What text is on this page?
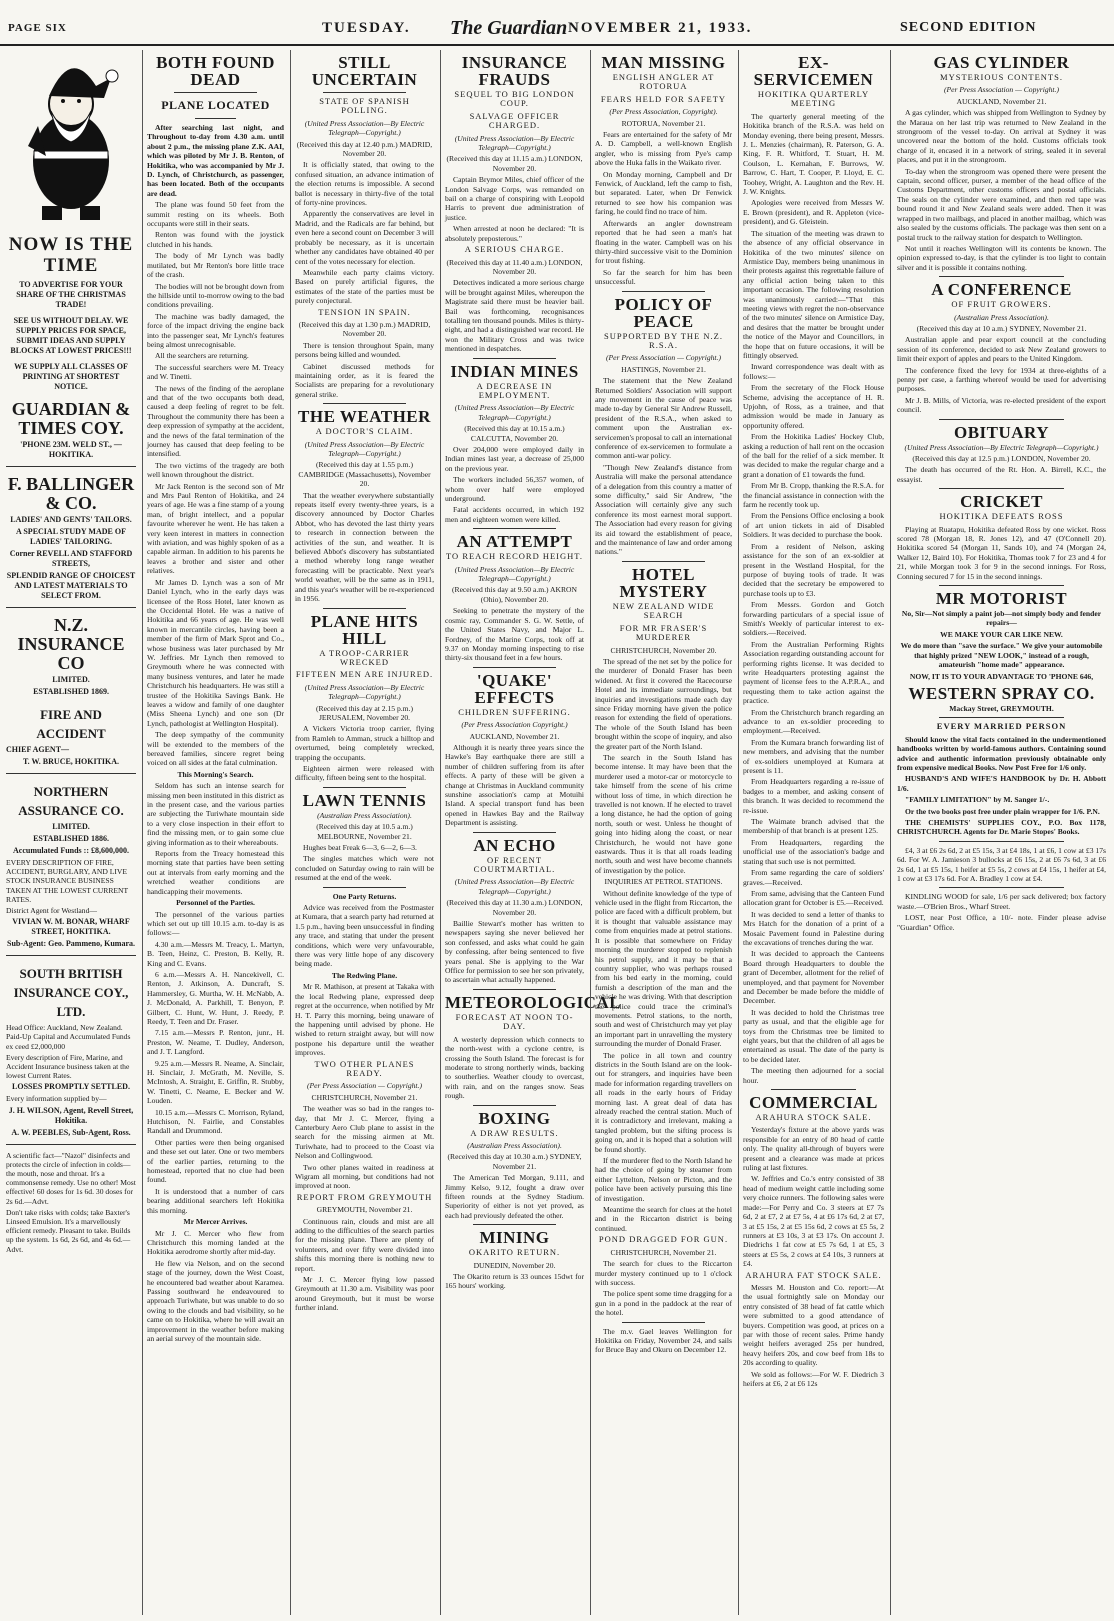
PAGE SIX	TUESDAY. The Guardian NOVEMBER 21, 1933.	SECOND EDITION
NOW IS THE TIME
TO ADVERTISE FOR YOUR SHARE OF THE CHRISTMAS TRADE!
SEE US WITHOUT DELAY. WE SUPPLY PRICES FOR SPACE, SUBMIT IDEAS AND SUPPLY BLOCKS AT LOWEST PRICES!!!
WE SUPPLY ALL CLASSES OF PRINTING AT SHORTEST NOTICE.
GUARDIAN & TIMES COY.
'PHONE 23M. WELD ST., — HOKITIKA.
F. BALLINGER & CO.
LADIES' AND GENTS' TAILORS.
A SPECIAL STUDY MADE OF LADIES' TAILORING.
Corner REVELL AND STAFFORD STREETS,
SPLENDID RANGE OF CHOICEST AND LATEST MATERIALS TO SELECT FROM.
N.Z. INSURANCE CO
LIMITED.
ESTABLISHED 1869.
FIRE AND ACCIDENT
CHIEF AGENT—
T. W. BRUCE, HOKITIKA.
NORTHERN ASSURANCE CO.
LIMITED.
ESTABLISHED 1886.
Accumulated Funds :: £8,600,000.
EVERY DESCRIPTION OF FIRE, ACCIDENT, BURGLARY, AND LIVE STOCK INSURANCE BUSINESS TAKEN AT THE LOWEST CURRENT RATES.
District Agent for Westland—
VIVIAN W. M. BONAR, WHARF STREET, HOKITIKA.
Sub-Agent: Geo. Pammeno, Kumara.
SOUTH BRITISH INSURANCE COY., LTD.
Head Office: Auckland, New Zealand. Paid-Up Capital and Accumulated Funds ex ceed £2,000,000
Every description of Fire, Marine, and Accident Insurance business taken at the lowest Current Rates.
LOSSES PROMPTLY SETTLED.
Every information supplied by—
J. H. WILSON, Agent, Revell Street, Hokitika.
A. W. PEEBLES, Sub-Agent, Ross.
A scientific fact—"Nazol" disinfects and protects the circle of infection in colds—the mouth, nose and throat. It's a commonsense remedy. Use no other! Most effective! 60 doses for 1s 6d. 30 doses for 2s 6d.—Advt.
Don't take risks with colds; take Baxter's Linseed Emulsion. It's a marvellously efficient remedy. Pleasant to take. Builds up the system. 1s 6d, 2s 6d, and 4s 6d.—Advt.
BOTH FOUND DEAD
PLANE LOCATED

After searching last night, and Throughout to-day from 4.30 a.m. until about 2 p.m., the missing plane Z.K. AAI, which was piloted by Mr J. B. Renton, of Hokitika, who was accompanied by Mr J. D. Lynch, of Christchurch, as passenger, has been located. Both of the occupants are dead.

The plane was found 50 feet from the summit resting on its wheels. Both occupants were still in their seats.

Renton was found with the joystick clutched in his hands.

The body of Mr Lynch was badly mutilated, but Mr Renton's bore little trace of the crash.

The bodies will not be brought down from the hillside until to-morrow owing to the bad conditions prevailing.

The machine was badly damaged, the force of the impact driving the engine back into the passenger seat, Mr Lynch's features being almost unrecognisable.

All the searchers are returning.

The successful searchers were M. Treacy and W. Tinetti.

The news of the finding of the aeroplane and that of the two occupants both dead, caused a deep feeling of regret to be felt. Throughout the community there has been a deep expression of sympathy at the accident, and the news of the fatal termination of the journey has caused that deep feeling to be intensified.

The two victims of the tragedy are both well known throughout the district.

Mr Jack Renton is the second son of Mr and Mrs Paul Renton of Hokitika, and 24 years of age. He was a fine stamp of a young man, of bright intellect, and a popular favourite wherever he went. He has taken a very keen interest in matters in connection with aviation, and was highly spoken of as a capable airman. In addition to his parents he leaves a brother and sister and other relatives.

Mr James D. Lynch was a son of Mr Daniel Lynch, who in the early days was licensee of the Ross Hotel, later known as the Occidental Hotel. He was a native of Hokitika and 66 years of age. He was well known in mercantile circles, having been a member of the firm of Mark Sprot and Co., whose business was later purchased by Mr W. Jeffries. Mr Lynch then removed to Greymouth where he was connected with many business ventures, and later he made Christchurch his headquarters. He was still a trustee of the Hokitika Savings Bank. He leaves a widow and family of one daughter (Miss Sheena Lynch) and one son (Dr Lynch, pathologist at Wellington Hospital).

The deep sympathy of the community will be extended to the members of the bereaved families, sincere regret being voiced on all sides at the fatal culmination.

This Morning's Search.

Seldom has such an intense search for missing men been instituted in this district as in the present case, and the various parties are subjecting the Turiwhate mountain side to a very close inspection in their effort to find the missing men, or to gain some clue giving information as to their whereabouts.

Reports from the Treacy homestead this morning state that parties have been setting out at intervals from early morning and the wretched weather conditions are handicapping their movements.

Personnel of the Parties.

The personnel of the various parties which set out up till 10.15 a.m. to-day is as follows:—

4.30 a.m.—Messrs M. Treacy, L. Martyn, B. Teen, Heinz, C. Preston, B. Kelly, R. King and C. Evans.

6 a.m.—Messrs A. H. Nancekivell, C. Renton, J. Atkinson, A. Duncraft, S. Hammersley, G. Murtha, W. H. McNabb, A. J. McDonald, A. Parkhill, T. Benyon, P. Gilbert, C. Hunt, W. Hunt, J. Reedy, P. Reedy, T. Teen and Dr. Fraser.

7.15 a.m.—Messrs P. Renton, junr., H. Preston, W. Neame, T. Dudley, Anderson, and J. T. Langford.

9.25 a.m.—Messrs R. Neame, A. Sinclair, H. Sinclair, J. McGrath, M. Neville, S. McIntosh, A. Straight, E. Griffin, R. Stubby, W. Tinetti, C. Neame, E. Becker and W. Louden.

10.15 a.m.—Messrs C. Morrison, Ryland, Hutchison, N. Fairlie, and Constables Randall and Drummond.

Other parties were then being organised and these set out later. One or two members of the earlier parties, returning to the homestead, reported that no clue had been found.

It is understood that a number of cars bearing additional searchers left Hokitika this morning.

Mr Mercer Arrives.

Mr J. C. Mercer who flew from Christchurch this morning landed at the Hokitika aerodrome shortly after mid-day.

He flew via Nelson, and on the second stage of the journey, down the West Coast, he encountered bad weather about Karamea. Passing southward he endeavoured to approach Turiwhate, but was unable to do so owing to the clouds and bad visibility, so he came on to Hokitika, where he will await an improvement in the weather before making an aerial survey of the mountain side.

STILL UNCERTAIN
STATE OF SPANISH POLLING.
(United Press Association—By Electric Telegraph—Copyright.)

(Received this day at 12.40 p.m.) MADRID, November 20.

It is officially stated, that owing to the confused situation, an advance intimation of the election returns is impossible. A second ballot is necessary in thirty-five of the total of forty-nine provinces.

Apparently the conservatives are level in Madrid, and the Radicals are far behind, but even here a second count on December 3 will probably be necessary, as it is uncertain whether any candidates have obtained 40 per cent of the votes necessary for election.

Meanwhile each party claims victory. Based on purely artificial figures, the estimates of the state of the parties must be purely conjectural.

TENSION IN SPAIN.

(Received this day at 1.30 p.m.) MADRID, November 20.

There is tension throughout Spain, many persons being killed and wounded.

Cabinet discussed methods for maintaining order, as it is feared the Socialists are preparing for a revolutionary general strike.

THE WEATHER
A DOCTOR'S CLAIM.
(United Press Association—By Electric Telegraph—Copyright.)

(Received this day at 1.55 p.m.) CAMBRIDGE (Massachusetts), November 20.

That the weather everywhere substantially repeats itself every twenty-three years, is a discovery announced by Doctor Charles Abbot, who has devoted the last thirty years to research in connection between the activities of the sun, and weather. It is believed Abbot's discovery has substantiated a method whereby long range weather forecasting will be practicable. Next year's world weather, will be the same as in 1911, and this year's weather will be re-experienced in 1956.

PLANE HITS HILL
A TROOP-CARRIER WRECKED
FIFTEEN MEN ARE INJURED.
(United Press Association—By Electric Telegraph—Copyright.)

(Received this day at 2.15 p.m.) JERUSALEM, November 20.

A Vickers Victoria troop carrier, flying from Ramleh to Amman, struck a hilltop and overturned, being completely wrecked, trapping the occupants.

Eighteen airmen were released with difficulty, fifteen being sent to the hospital.

LAWN TENNIS
(Australian Press Association).

(Received this day at 10.5 a.m.) MELBOURNE, November 21.

Hughes beat Freak 6—3, 6—2, 6—3.

The singles matches which were not concluded on Saturday owing to rain will be resumed at the end of the week.

One Party Returns.

Advice was received from the Postmaster at Kumara, that a search party had returned at 1.5 p.m., having been unsuccessful in finding any trace, and stating that under the present conditions, which were very unfavourable, there was very little hope of any discovery being made.

The Redwing Plane.

Mr R. Mathison, at present at Takaka with the local Redwing plane, expressed deep regret at the occurrence, when notified by Mr H. T. Parry this morning, being unaware of the happening until advised by phone. He wished to return straight away, but will now postpone his departure until the weather improves.

TWO OTHER PLANES READY.
(Per Press Association — Copyright.)

CHRISTCHURCH, November 21.

The weather was so bad in the ranges to-day, that Mr J. C. Mercer, flying a Canterbury Aero Club plane to assist in the search for the missing airmen at Mt. Turiwhate, had to proceed to the Coast via Nelson and Collingwood.

Two other planes waited in readiness at Wigram all morning, but conditions had not improved at noon.

REPORT FROM GREYMOUTH

GREYMOUTH, November 21.

Continuous rain, clouds and mist are all adding to the difficulties of the search parties for the missing plane. There are plenty of volunteers, and over fifty were divided into shifts this morning there is nothing new to report.

Mr J. C. Mercer flying low passed Greymouth at 11.30 a.m. Visibility was poor around Greymouth, but it must be worse further inland.

INSURANCE FRAUDS
SEQUEL TO BIG LONDON COUP.
SALVAGE OFFICER CHARGED.
(United Press Association—By Electric Telegraph—Copyright.)

(Received this day at 11.15 a.m.) LONDON, November 20.

Captain Brymor Miles, chief officer of the London Salvage Corps, was remanded on bail on a charge of conspiring with Leopold Harris to prevent due administration of justice.

When arrested at noon he declared: "It is absolutely preposterous."

A SERIOUS CHARGE.

(Received this day at 11.40 a.m.) LONDON, November 20.

Detectives indicated a more serious charge will be brought against Miles, whereupon the Magistrate said there must be heavier bail. Bail was forthcoming, recognisances totalling ten thousand pounds. Miles is thirty-eight, and had a distinguished war record. He won the Military Cross and was twice mentioned in despatches.

INDIAN MINES
A DECREASE IN EMPLOYMENT.
(United Press Association—By Electric Telegraph—Copyright.)

(Received this day at 10.15 a.m.) CALCUTTA, November 20.

Over 204,000 were employed daily in Indian mines last year, a decrease of 25,000 on the previous year.

The workers included 56,357 women, of whom over half were employed underground.

Fatal accidents occurred, in which 192 men and eighteen women were killed.

AN ATTEMPT
TO REACH RECORD HEIGHT.
(United Press Association—By Electric Telegraph—Copyright.)

(Received this day at 9.50 a.m.) AKRON (Ohio), November 20.

Seeking to penetrate the mystery of the cosmic ray, Commander S. G. W. Settle, of the United States Navy, and Major L. Fordney, of the Marine Corps, took off at 9.37 on Monday morning inspecting to rise thirty-six thousand feet in a few hours.

'QUAKE' EFFECTS
CHILDREN SUFFERING.
(Per Press Association Copyright.)

AUCKLAND, November 21.

Although it is nearly three years since the Hawke's Bay earthquake there are still a number of children suffering from its after effects. A party of these will be given a change at Christmas in Auckland community sunshine association's camp at Motuihi Island. A special transport fund has been opened in Hawkes Bay and the Railway Department is assisting.

AN ECHO
OF RECENT COURTMARTIAL.
(United Press Association—By Electric Telegraph—Copyright.)

(Received this day at 11.30 a.m.) LONDON, November 20.

Baillie Stewart's mother has written to newspapers saying she never believed her son confessed, and asks what could he gain by confessing, after being sentenced to five years penal. She is applying to the War Office for permission to see her son privately, to ascertain what actually happened.

METEOROLOGICAL
FORECAST AT NOON TO-DAY.

A westerly depression which connects to the north-west with a cyclone centre, is crossing the South Island. The forecast is for moderate to strong northerly winds, backing to southerlies. Weather cloudy to overcast, with rain, and on the ranges snow. Seas rough.

BOXING
A DRAW RESULTS.
(Australian Press Association).

(Received this day at 10.30 a.m.) SYDNEY, November 21.

The American Ted Morgan, 9.111, and Jimmy Kelso, 9.12, fought a draw over fifteen rounds at the Sydney Stadium. Superiority of either is not yet proved, as each had previously defeated the other.

MINING
OKARITO RETURN.

DUNEDIN, November 20.

The Okarito return is 33 ounces 15dwt for 165 hours' working.

MAN MISSING
ENGLISH ANGLER AT ROTORUA
FEARS HELD FOR SAFETY
(Per Press Association, Copyright).

ROTORUA, November 21.

Fears are entertained for the safety of Mr A. D. Campbell, a well-known English angler, who is missing from Pye's camp above the Huka falls in the Waikato river.

On Monday morning, Campbell and Dr Fenwick, of Auckland, left the camp to fish, but separated. Later, when Dr Fenwick returned to see how his companion was faring, he could find no trace of him.

Afterwards an angler downstream reported that he had seen a man's hat floating in the water. Campbell was on his thirty-third successive visit to the Dominion for trout fishing.

So far the search for him has been unsuccessful.

POLICY OF PEACE
SUPPORTED BY THE N.Z. R.S.A.
(Per Press Association — Copyright.)

HASTINGS, November 21.

The statement that the New Zealand Returned Soldiers' Association will support any movement in the cause of peace was made to-day by General Sir Andrew Russell, president of the R.S.A., when asked to comment upon the Australian ex-servicemen's proposal to call an international conference of ex-servicemen to formulate a common anti-war policy.

"Though New Zealand's distance from Australia will make the personal attendance of a delegation from this country a matter of some difficulty," said Sir Andrew, "the Association will certainly give any such conference its most earnest moral support. The Association had every reason for giving its aid toward the establishment of peace, and the maintenance of law and order among nations."

HOTEL MYSTERY
NEW ZEALAND WIDE SEARCH
FOR MR FRASER'S MURDERER

CHRISTCHURCH, November 20.

The spread of the net set by the police for the murderer of Donald Fraser has been widened. At first it covered the Racecourse Hotel and its immediate surroundings, but inquiries and investigations made each day since Friday morning have given the police reason for extending the field of operations. The whole of the South Island has been brought within the scope of inquiry, and also the greater part of the North Island.

The search in the South Island has become intense. It may have been that the murderer used a motor-car or motorcycle to take himself from the scene of his crime without loss of time, in which direction he travelled is not known. If he elected to travel a long distance, he had the option of going north, south or west. Unless he thought of going into hiding along the coast, or near Christchurch, he would not have gone eastwards. Thus it is that all roads leading north, south and west have become channels of investigation by the police.

INQUIRIES AT PETROL STATIONS.

Without definite knowledge of the type of vehicle used in the flight from Riccarton, the police are faced with a difficult problem, but it is thought that valuable assistance may come from enquiries made at petrol stations. It is possible that somewhere on Friday morning the murderer stopped to replenish his petrol supply, and it may be that a country supplier, who was perhaps roused from his bed early in the morning, could furnish a description of the man and the vehicle he was driving. With that description the police could trace the criminal's movements. Petrol stations, to the north, south and west of Christchurch may yet play an important part in unravelling the mystery surrounding the murder of Donald Fraser.

The police in all town and country districts in the South Island are on the look-out for strangers, and inquiries have been made for information regarding travellers on all roads in the early hours of Friday morning last. A great deal of data has already reached the central station. Much of it is contradictory and irrelevant, making a tangled problem, but the sifting process is going on, and it is hoped that a solution will be found shortly.

If the murderer fled to the North Island he had the choice of going by steamer from either Lyttelton, Nelson or Picton, and the police have been actively pursuing this line of investigation.

Meantime the search for clues at the hotel and in the Riccarton district is being continued.

POND DRAGGED FOR GUN.

CHRISTCHURCH, November 21.

The search for clues to the Riccarton murder mystery continued up to 1 o'clock with success.

The police spent some time dragging for a gun in a pond in the paddock at the rear of the hotel.

The m.v. Gael leaves Wellington for Hokitika on Friday, November 24, and sails for Bruce Bay and Okuru on December 12.

EX-SERVICEMEN
HOKITIKA QUARTERLY MEETING

The quarterly general meeting of the Hokitika branch of the R.S.A. was held on Monday evening, there being present, Messrs. J. L. Menzies (chairman), R. Paterson, G. A. King, F. R. Whitford, T. Stuart, H. M. Coulson, L. Kernahan, F. Burrows, W. Barrow, C. Hart, T. Cooper, P. Lloyd, E. C. Toohey, Wright, A. Laughton and the Rev. H. J. W. Knights.

Apologies were received from Messrs W. E. Brown (president), and R. Appleton (vice-president), and G. Gleistein.

The situation of the meeting was drawn to the absence of any official observance in Hokitika of the two minutes' silence on Armistice Day, members being unanimous in their protests against this regrettable failure of any official action being taken to this important occasion. The following resolution was unanimously carried:—"That this meeting views with regret the non-observance of the two minutes' silence on Armistice Day, and desires that the matter be brought under the notice of the Mayor and Councillors, in the hope that on future occasions, it will be fittingly observed.

Inward correspondence was dealt with as follows:—

From the secretary of the Flock House Scheme, advising the acceptance of H. R. Upjohn, of Ross, as a trainee, and that admission would be made in January as opportunity offered.

From the Hokitika Ladies' Hockey Club, asking a reduction of hall rent on the occasion of the ball for the relief of a sick member. It was decided to make the regular charge and a grant a donation of £1 towards the fund.

From Mr B. Cropp, thanking the R.S.A. for the financial assistance in connection with the farm he recently took up.

From the Pensions Office enclosing a book of art union tickets in aid of Disabled Soldiers. It was decided to purchase the book.

From a resident of Nelson, asking assistance for the son of an ex-soldier at present in the Westland Hospital, for the purpose of buying tools of trade. It was decided that the secretary be empowered to purchase tools up to £3.

From Messrs. Gordon and Gotch forwarding particulars of a special issue of Smith's Weekly of particular interest to ex-soldiers.—Received.

From the Australian Performing Rights Association regarding outstanding account for performing rights license. It was decided to write Headquarters protesting against the payment of license fees to the A.P.R.A., and requesting them to take action against the practice.

From the Christchurch branch regarding an advance to an ex-soldier proceeding to employment.—Received.

From the Kumara branch forwarding list of new members, and advising that the number of ex-soldiers unemployed at Kumara at present is 11.

From Headquarters regarding a re-issue of badges to a member, and asking consent of this branch. It was decided to recommend the re-issue.

The Waimate branch advised that the membership of that branch is at present 125.

From Headquarters, regarding the unofficial use of the association's badge and stating that such use is not permitted.

From same regarding the care of soldiers' graves.—Received.

From same, advising that the Canteen Fund allocation grant for October is £5.—Received.

It was decided to send a letter of thanks to Mrs Hatch for the donation of a print of a Mosaic Pavement found in Palestine during the excavations of trenches during the war.

It was decided to approach the Canteens Board through Headquarters to double the grant of December, allotment for the relief of unemployed, and that payment for November and December be made before the middle of December.

It was decided to hold the Christmas tree party as usual, and that the eligible age for toys from the Christmas tree be limited to eight years, but that the children of all ages be entertained as usual. The date of the party is to be decided later.

The meeting then adjourned for a social hour.

COMMERCIAL
ARAHURA STOCK SALE.

Yesterday's fixture at the above yards was responsible for an entry of 80 head of cattle only. The quality all-through of buyers were present and a clearance was made at prices ruling at last fixtures.

W. Jeffries and Co.'s entry consisted of 38 head of medium weight cattle including some very choice runners. The following sales were made:—For Perry and Co. 3 steers at £7 7s 6d, 2 at £7, 2 at £7 5s, 4 at £6 17s 6d, 2 at £7, 3 at £5 15s, 2 at £5 15s 6d, 2 cows at £5 5s, 2 runners at £3 10s, 3 at £3 17s. On account J. Diedrichs 1 fat cow at £5 7s 6d, 1 at £5, 3 steers at £5 5s, 2 cows at £4 10s, 3 runners at £4.

ARAHURA FAT STOCK SALE.

Messrs M. Houston and Co. report:—At the usual fortnightly sale on Monday our entry consisted of 38 head of fat cattle which were submitted to a good attendance of buyers. Competition was good, at prices on a par with those of recent sales. Prime handy weight heifers averaged 25s per hundred, heavy heifers 20s, and cow beef from 18s to 20s according to quality.

We sold as follows:—For W. F. Diedrich 3 heifers at £6, 2 at £6 12s

GAS CYLINDER
MYSTERIOUS CONTENTS.
(Per Press Association — Copyright.)

AUCKLAND, November 21.

A gas cylinder, which was shipped from Wellington to Sydney by the Maraua on her last trip was returned to New Zealand in the strongroom of the vessel to-day. On arrival at Sydney it was uncovered near the bottom of the hold. Customs officials took charge of it, encased it in a network of string, sealed it in several places, and put it in the strongroom.

To-day when the strongroom was opened there were present the captain, second officer, purser, a member of the head office of the Customs Department, other customs officers and postal officials. The seals on the cylinder were examined, and then red tape was bound round it and New Zealand seals were added. Then it was wrapped in two mailbags, and placed in another mailbag, which was also sealed by the customs officials. The package was then sent on a postal truck to the railway station for despatch to Wellington.

Not until it reaches Wellington will its contents be known. The opinion expressed to-day, is that the cylinder is too light to contain silver and it is possible it contains nothing.

A CONFERENCE
OF FRUIT GROWERS.
(Australian Press Association).

(Received this day at 10 a.m.) SYDNEY, November 21.

Australian apple and pear export council at the concluding session of its conference, decided to ask New Zealand growers to limit their export of apples and pears to the United Kingdom.

The conference fixed the levy for 1934 at three-eighths of a penny per case, a farthing whereof would be used for advertising purposes.

Mr J. B. Mills, of Victoria, was re-elected president of the export council.

OBITUARY
(United Press Association—By Electric Telegraph—Copyright.)

(Received this day at 12.5 p.m.) LONDON, November 20.

The death has occurred of the Rt. Hon. A. Birrell, K.C., the essayist.

CRICKET
HOKITIKA DEFEATS ROSS

Playing at Ruatapu, Hokitika defeated Ross by one wicket. Ross scored 78 (Morgan 18, R. Jones 12), and 47 (O'Connell 20). Hokitika scored 54 (Morgan 11, Sands 10), and 74 (Morgan 24, Walker 12, Baird 10). For Hokitika, Thomas took 7 for 23 and 4 for 21, while Morgan took 3 for 9 in the second innings. For Ross, Conning secured 7 for 15 in the second innings.

MR MOTORIST

No, Sir—Not simply a paint job—not simply body and fender repairs—

WE MAKE YOUR CAR LIKE NEW.

We do more than "save the surface." We give your automobile that highly prized "NEW LOOK," instead of a rough, amateurish "home made" appearance.

NOW, IT IS TO YOUR ADVANTAGE TO 'PHONE 646,

WESTERN SPRAY CO.

Mackay Street, GREYMOUTH.

EVERY MARRIED PERSON

Should know the vital facts contained in the undermentioned handbooks written by world-famous authors. Containing sound advice and authentic information previously obtainable only from expensive medical Books. Now Post Free for 1/6 only.

HUSBAND'S AND WIFE'S HANDBOOK by Dr. H. Abbott 1/6.

"FAMILY LIMITATION" by M. Sanger 1/-.

Or the two books post free under plain wrapper for 1/6. P.N.

THE CHEMISTS' SUPPLIES COY., P.O. Box 1178, CHRISTCHURCH. Agents for Dr. Marie Stopes' Books.

£4, 3 at £6 2s 6d, 2 at £5 15s, 3 at £4 18s, 1 at £6, 1 cow at £3 17s 6d. For W. A. Jamieson 3 bullocks at £6 15s, 2 at £6 7s 6d, 3 at £6 2s 6d, 1 at £5 15s, 1 heifer at £5 5s, 2 cows at £4 15s, 1 heifer at £4, 1 cow at £3 17s 6d. For A. Bradley 1 cow at £4.

KINDLING WOOD for sale, 1/6 per sack delivered; box factory waste.—O'Brien Bros., Wharf Street.

LOST, near Post Office, a 10/- note. Finder please advise "Guardian" Office.
